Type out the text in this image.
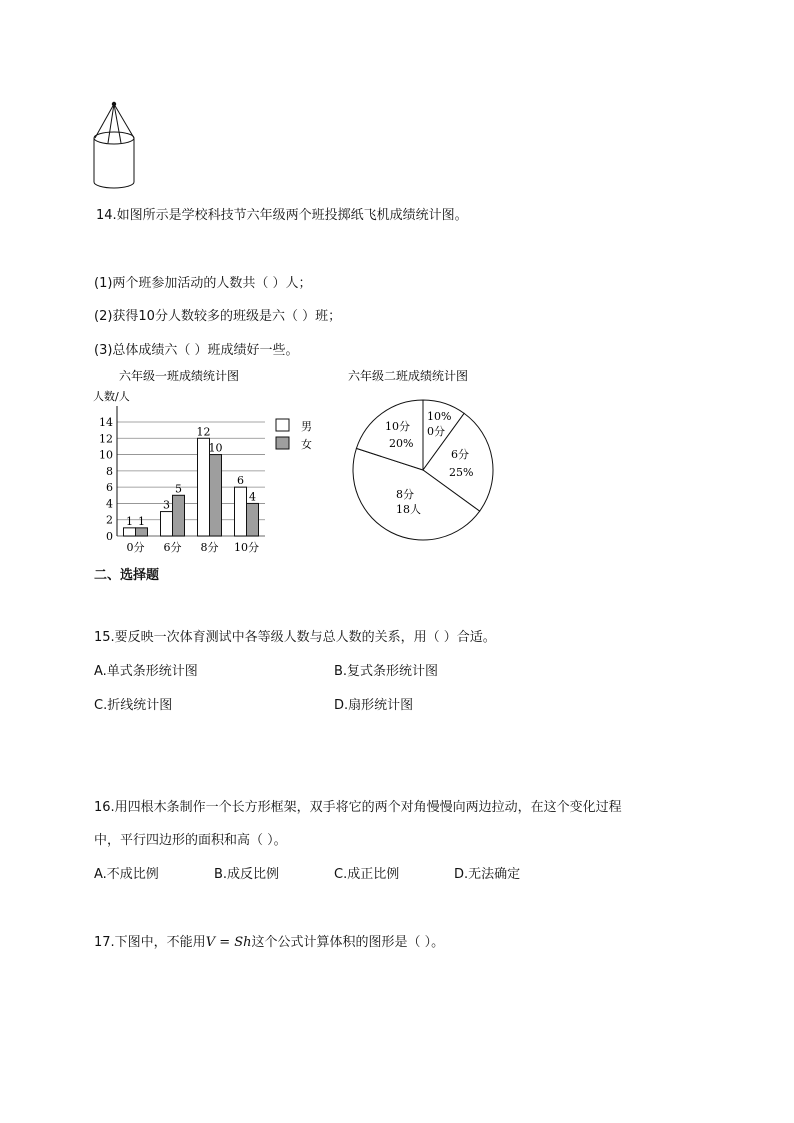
14.如图所示是学校科技节六年级两个班投掷纸飞机成绩统计图。
(1)两个班参加活动的人数共（ ）人；
(2)获得10分人数较多的班级是六（ ）班；
(3)总体成绩六（ ）班成绩好一些。
六年级一班成绩统计图
人数/人
1 1
3
5
12
10
6
4
0
2
4
6
8
10
12
14
0分 6分 8分 10分
男
女
六年级二班成绩统计图
10%
0分
6分
25%
8分
18人
10分
20%
二、选择题
15.要反映一次体育测试中各等级人数与总人数的关系，用（ ）合适。
A.单式条形统计图	B.复式条形统计图
C.折线统计图	D.扇形统计图
16.用四根木条制作一个长方形框架，双手将它的两个对角慢慢向两边拉动，在这个变化过程
中，平行四边形的面积和高（ ）。
A.不成比例	B.成反比例	C.成正比例	D.无法确定
17.下图中，不能用V = Sh这个公式计算体积的图形是（ ）。
